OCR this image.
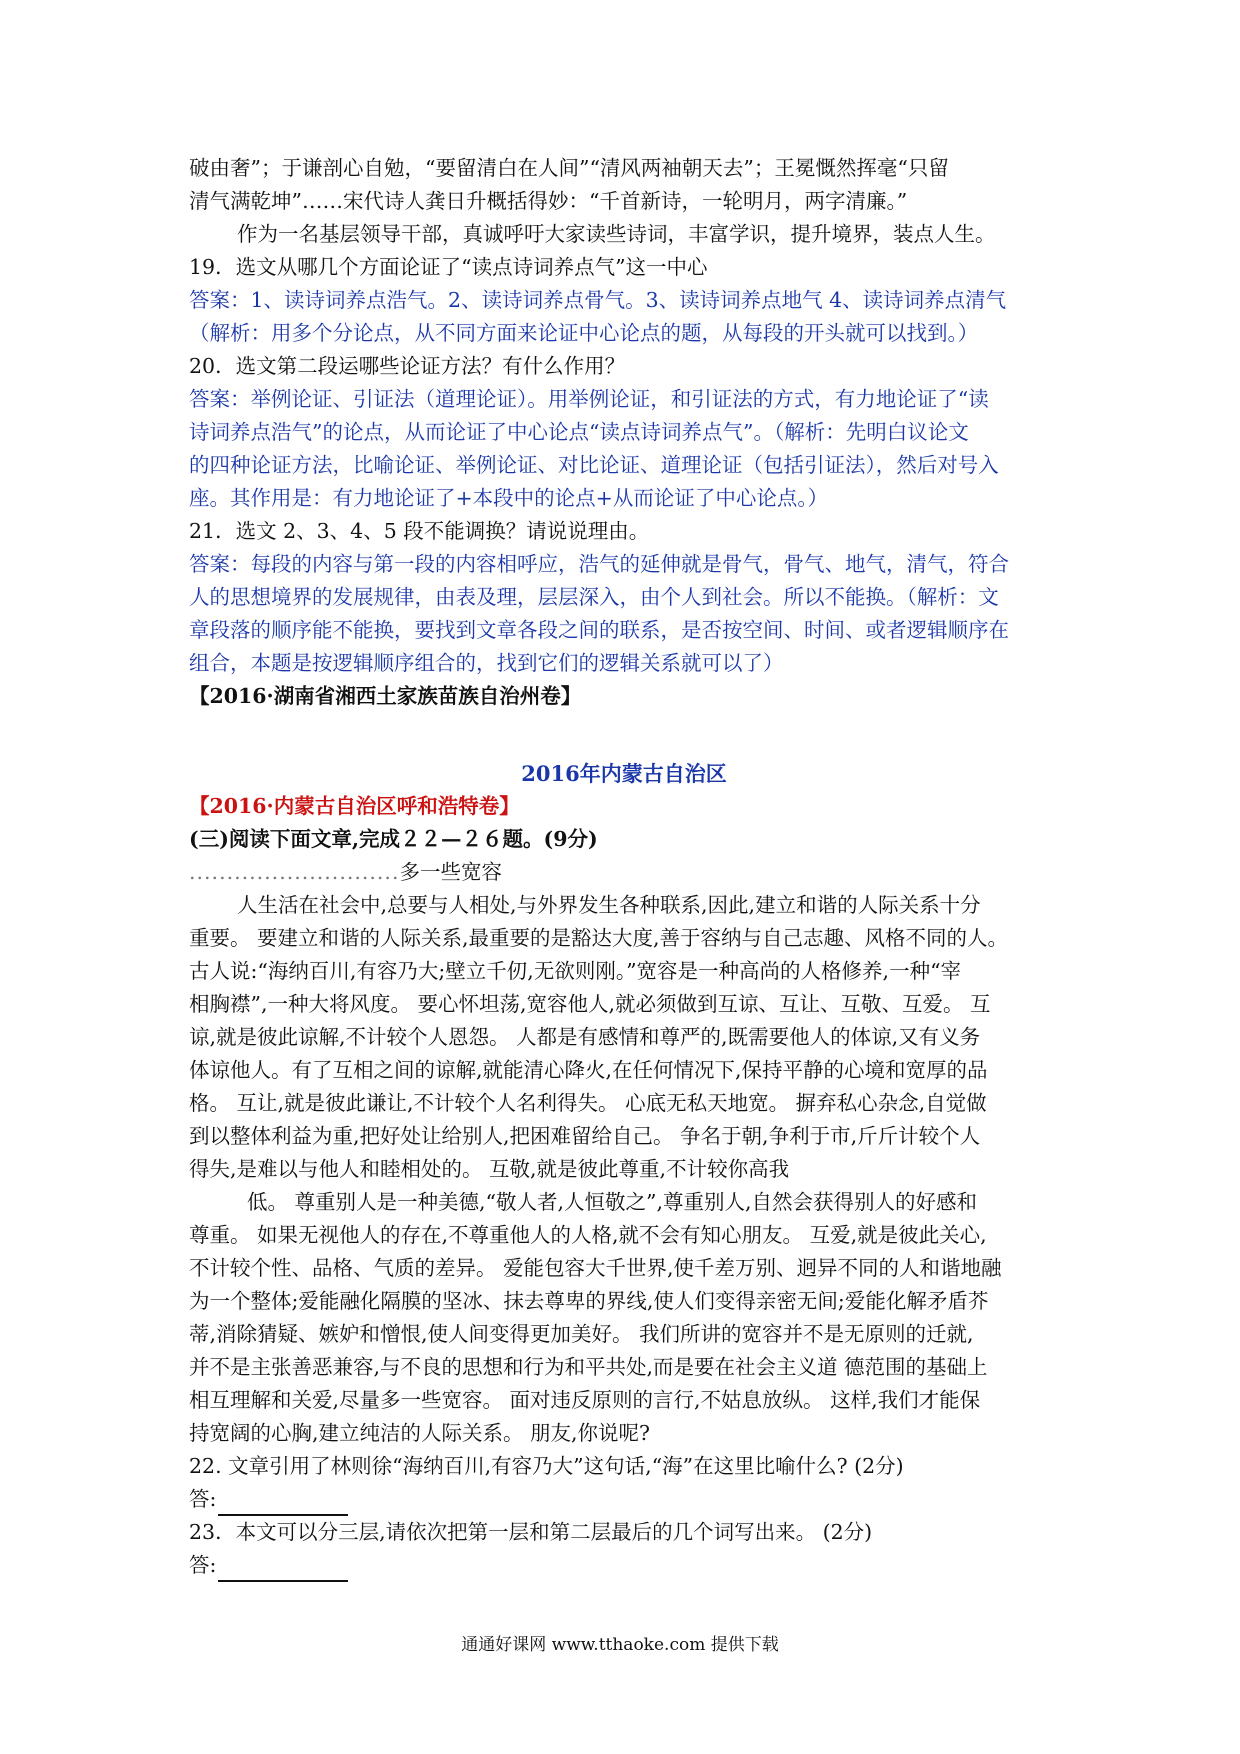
破由奢”；于谦剖心自勉，“要留清白在人间”“清风两袖朝天去”；王冕慨然挥毫“只留

清气满乾坤”……宋代诗人龚日升概括得妙：“千首新诗，一轮明月，两字清廉。”

作为一名基层领导干部，真诚呼吁大家读些诗词，丰富学识，提升境界，装点人生。

19．选文从哪几个方面论证了“读点诗词养点气”这一中心

答案：1、读诗词养点浩气。2、读诗词养点骨气。3、读诗词养点地气 4、读诗词养点清气

（解析：用多个分论点，从不同方面来论证中心论点的题，从每段的开头就可以找到。）

20．选文第二段运哪些论证方法？有什么作用？

答案：举例论证、引证法（道理论证）。用举例论证，和引证法的方式，有力地论证了“读

诗词养点浩气”的论点，从而论证了中心论点“读点诗词养点气”。（解析：先明白议论文

的四种论证方法，比喻论证、举例论证、对比论证、道理论证（包括引证法），然后对号入

座。其作用是：有力地论证了+本段中的论点+从而论证了中心论点。）

21．选文 2、3、4、5 段不能调换？请说说理由。

答案：每段的内容与第一段的内容相呼应，浩气的延伸就是骨气，骨气、地气，清气，符合

人的思想境界的发展规律，由表及理，层层深入，由个人到社会。所以不能换。（解析：文

章段落的顺序能不能换，要找到文章各段之间的联系，是否按空间、时间、或者逻辑顺序在

组合，本题是按逻辑顺序组合的，找到它们的逻辑关系就可以了）

【2016·湖南省湘西土家族苗族自治州卷】

2016年内蒙古自治区

【2016·内蒙古自治区呼和浩特卷】

(三)阅读下面文章,完成２２—２６题。(9分)

............................多一些宽容

人生活在社会中,总要与人相处,与外界发生各种联系,因此,建立和谐的人际关系十分

重要。 要建立和谐的人际关系,最重要的是豁达大度,善于容纳与自己志趣、风格不同的人。

古人说:“海纳百川,有容乃大;壁立千仞,无欲则刚。”宽容是一种高尚的人格修养,一种“宰

相胸襟”,一种大将风度。 要心怀坦荡,宽容他人,就必须做到互谅、互让、互敬、互爱。 互

谅,就是彼此谅解,不计较个人恩怨。 人都是有感情和尊严的,既需要他人的体谅,又有义务

体谅他人。有了互相之间的谅解,就能清心降火,在任何情况下,保持平静的心境和宽厚的品

格。 互让,就是彼此谦让,不计较个人名利得失。 心底无私天地宽。 摒弃私心杂念,自觉做

到以整体利益为重,把好处让给别人,把困难留给自己。 争名于朝,争利于市,斤斤计较个人

得失,是难以与他人和睦相处的。 互敬,就是彼此尊重,不计较你高我

低。 尊重别人是一种美德,“敬人者,人恒敬之”,尊重别人,自然会获得别人的好感和

尊重。 如果无视他人的存在,不尊重他人的人格,就不会有知心朋友。 互爱,就是彼此关心,

不计较个性、品格、气质的差异。 爱能包容大千世界,使千差万别、迥异不同的人和谐地融

为一个整体;爱能融化隔膜的坚冰、抹去尊卑的界线,使人们变得亲密无间;爱能化解矛盾芥

蒂,消除猜疑、嫉妒和憎恨,使人间变得更加美好。 我们所讲的宽容并不是无原则的迁就,

并不是主张善恶兼容,与不良的思想和行为和平共处,而是要在社会主义道 德范围的基础上

相互理解和关爱,尽量多一些宽容。 面对违反原则的言行,不姑息放纵。 这样,我们才能保

持宽阔的心胸,建立纯洁的人际关系。 朋友,你说呢?

22. 文章引用了林则徐“海纳百川,有容乃大”这句话,“海”在这里比喻什么? (2分)

答:

23．本文可以分三层,请依次把第一层和第二层最后的几个词写出来。 (2分)

答:

通通好课网 www.tthaoke.com 提供下载
